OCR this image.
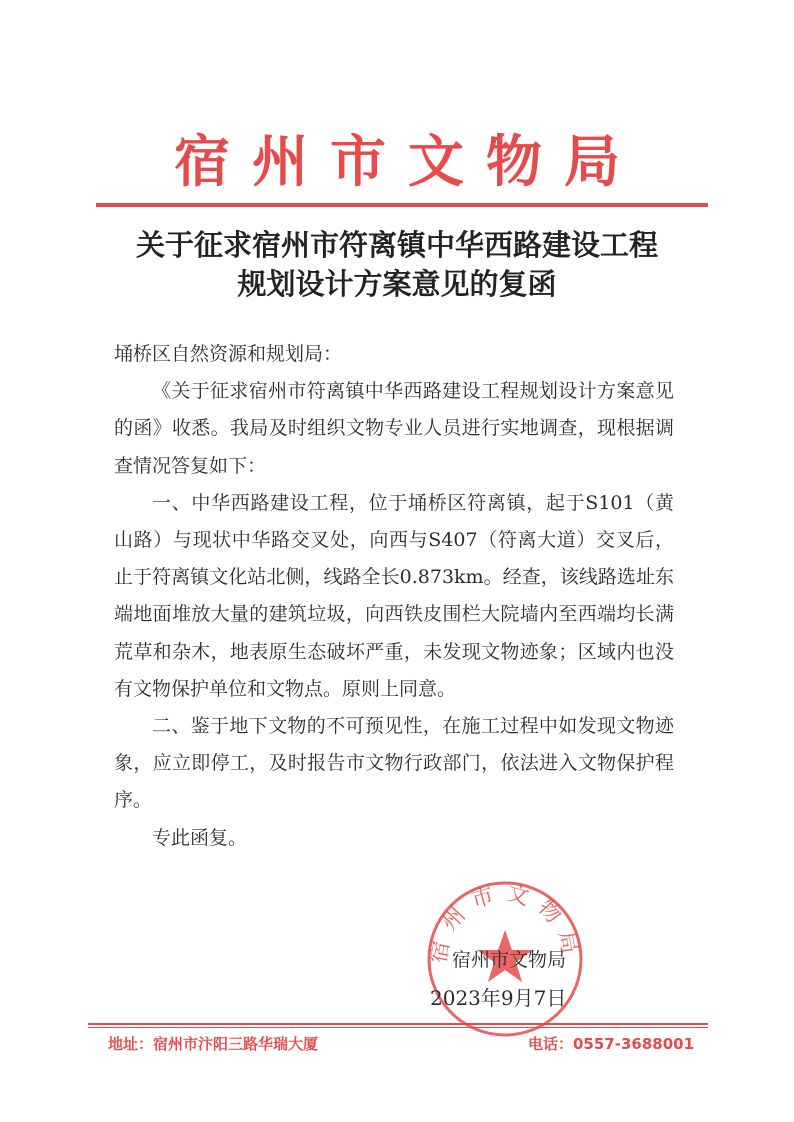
宿州市文物局
关于征求宿州市符离镇中华西路建设工程
规划设计方案意见的复函

埇桥区自然资源和规划局：

《关于征求宿州市符离镇中华西路建设工程规划设计方案意见的函》收悉。我局及时组织文物专业人员进行实地调查，现根据调查情况答复如下：

一、中华西路建设工程，位于埇桥区符离镇，起于S101（黄山路）与现状中华路交叉处，向西与S407（符离大道）交叉后，止于符离镇文化站北侧，线路全长0.873km。经查，该线路选址东端地面堆放大量的建筑垃圾，向西铁皮围栏大院墙内至西端均长满荒草和杂木，地表原生态破坏严重，未发现文物迹象；区域内也没有文物保护单位和文物点。原则上同意。

二、鉴于地下文物的不可预见性，在施工过程中如发现文物迹象，应立即停工，及时报告市文物行政部门，依法进入文物保护程序。

专此函复。

宿州市文物局
宿州市文物局
2023年9月7日
地址：宿州市汴阳三路华瑞大厦	电话：0557-3688001
